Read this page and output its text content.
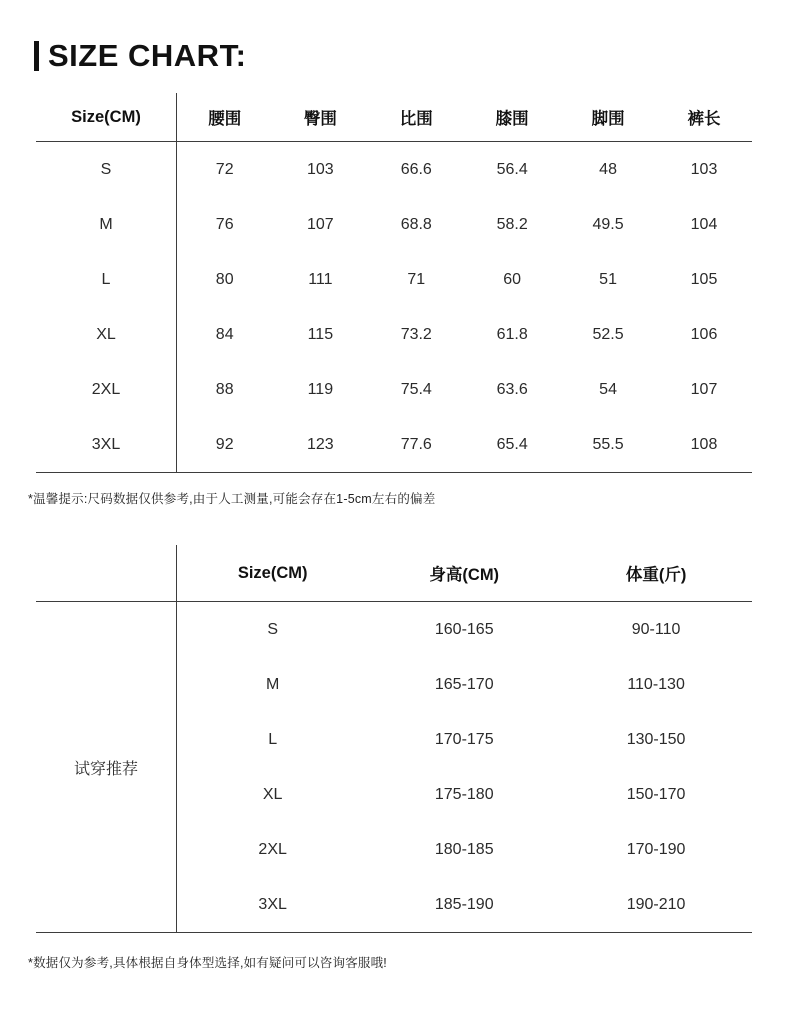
SIZE CHART:
Size(CM)	腰围	臀围	比围	膝围	脚围	裤长
S	72	103	66.6	56.4	48	103
M	76	107	68.8	58.2	49.5	104
L	80	111	71	60	51	105
XL	84	115	73.2	61.8	52.5	106
2XL	88	119	75.4	63.6	54	107
3XL	92	123	77.6	65.4	55.5	108
*温馨提示:尺码数据仅供参考,由于人工测量,可能会存在1-5cm左右的偏差
	Size(CM)	身高(CM)	体重(斤)
试穿推荐	S	160-165	90-110
	M	165-170	110-130
	L	170-175	130-150
	XL	175-180	150-170
	2XL	180-185	170-190
	3XL	185-190	190-210
*数据仅为参考,具体根据自身体型选择,如有疑问可以咨询客服哦!
